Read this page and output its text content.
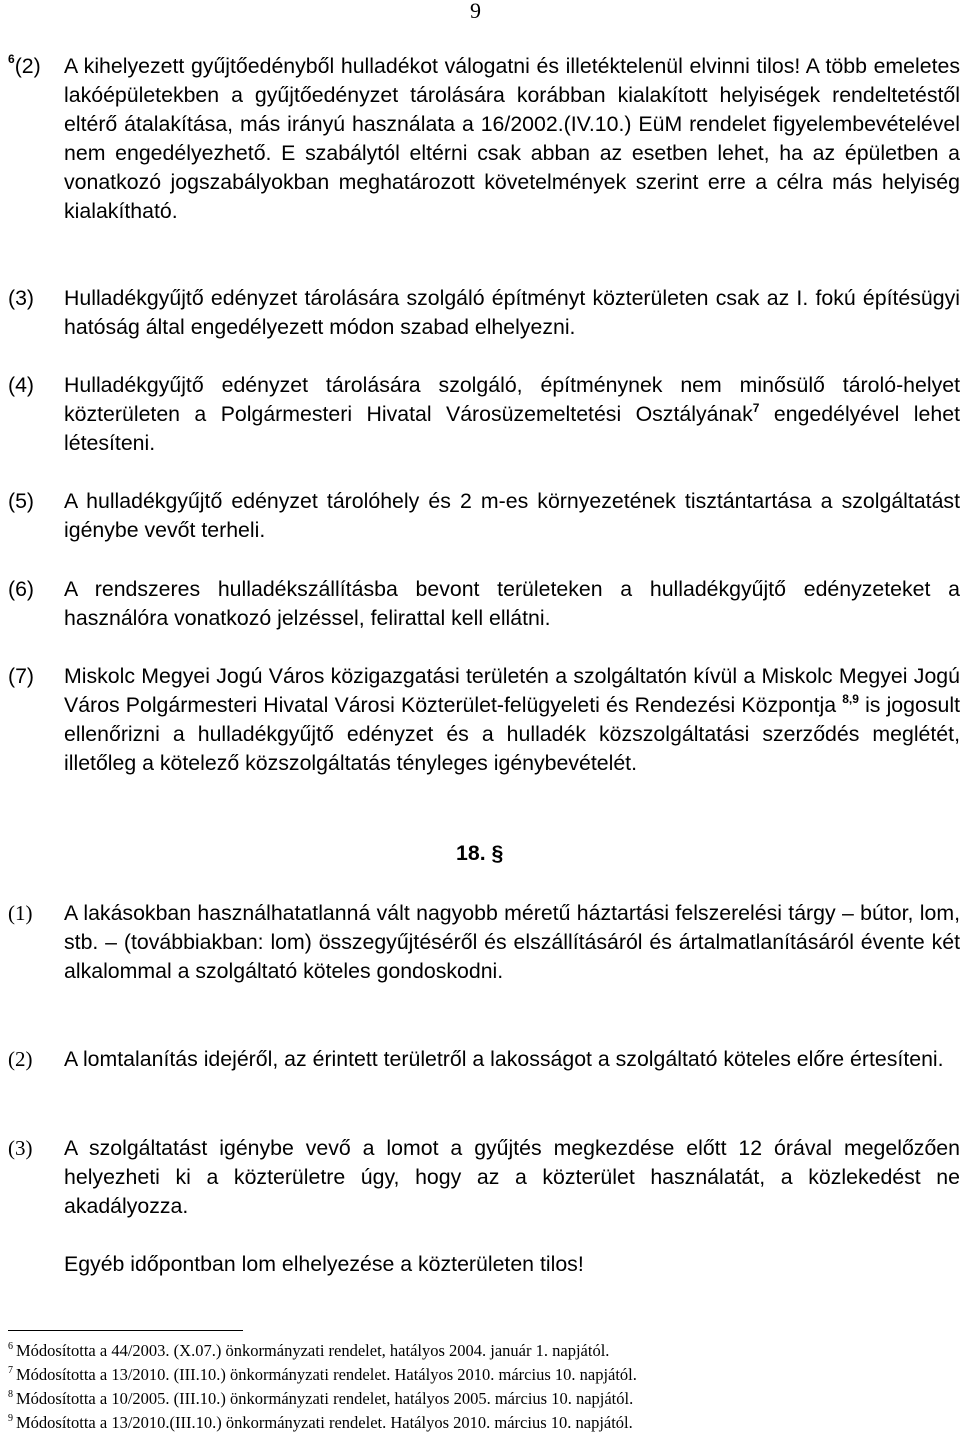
9
$^6$(2)	A kihelyezett gyűjtőedényből hulladékot válogatni és illetéktelenül elvinni tilos! A több emeletes lakóépületekben a gyűjtőedényzet tárolására korábban kialakított helyiségek rendeltetéstől eltérő átalakítása, más irányú használata a 16/2002.(IV.10.) EüM rendelet figyelembevételével nem engedélyezhető. E szabálytól eltérni csak abban az esetben lehet, ha az épületben a vonatkozó jogszabályokban meghatározott követelmények szerint erre a célra más helyiség kialakítható.
(3)	Hulladékgyűjtő edényzet tárolására szolgáló építményt közterületen csak az I. fokú építésügyi hatóság által engedélyezett módon szabad elhelyezni.
(4)	Hulladékgyűjtő edényzet tárolására szolgáló, építménynek nem minősülő tároló-helyet közterületen a Polgármesteri Hivatal Városüzemeltetési Osztályának$^7$ engedélyével lehet létesíteni.
(5)	A hulladékgyűjtő edényzet tárolóhely és 2 m-es környezetének tisztántartása a szolgáltatást igénybe vevőt terheli.
(6)	A rendszeres hulladékszállításba bevont területeken a hulladékgyűjtő edényzeteket a használóra vonatkozó jelzéssel, felirattal kell ellátni.
(7)	Miskolc Megyei Jogú Város közigazgatási területén a szolgáltatón kívül a Miskolc Megyei Jogú Város Polgármesteri Hivatal Városi Közterület-felügyeleti és Rendezési Központja $^{8,9}$ is jogosult ellenőrizni a hulladékgyűjtő edényzet és a hulladék közszolgáltatási szerződés meglétét, illetőleg a kötelező közszolgáltatás tényleges igénybevételét.
18. §
(1)	A lakásokban használhatatlanná vált nagyobb méretű háztartási felszerelési tárgy – bútor, lom, stb. – (továbbiakban: lom) összegyűjtéséről és elszállításáról és ártalmatlanításáról évente két alkalommal a szolgáltató köteles gondoskodni.
(2)	A lomtalanítás idejéről, az érintett területről a lakosságot a szolgáltató köteles előre értesíteni.
(3)	A szolgáltatást igénybe vevő a lomot a gyűjtés megkezdése előtt 12 órával megelőzően helyezheti ki a közterületre úgy, hogy az a közterület használatát, a közlekedést ne akadályozza.
Egyéb időpontban lom elhelyezése a közterületen tilos!
$^6$ Módosította a 44/2003. (X.07.) önkormányzati rendelet, hatályos 2004. január 1. napjától.
$^7$ Módosította a 13/2010. (III.10.) önkormányzati rendelet. Hatályos 2010. március 10. napjától.
$^8$ Módosította a 10/2005. (III.10.) önkormányzati rendelet, hatályos 2005. március 10. napjától.
$^9$ Módosította a 13/2010.(III.10.) önkormányzati rendelet. Hatályos 2010. március 10. napjától.
